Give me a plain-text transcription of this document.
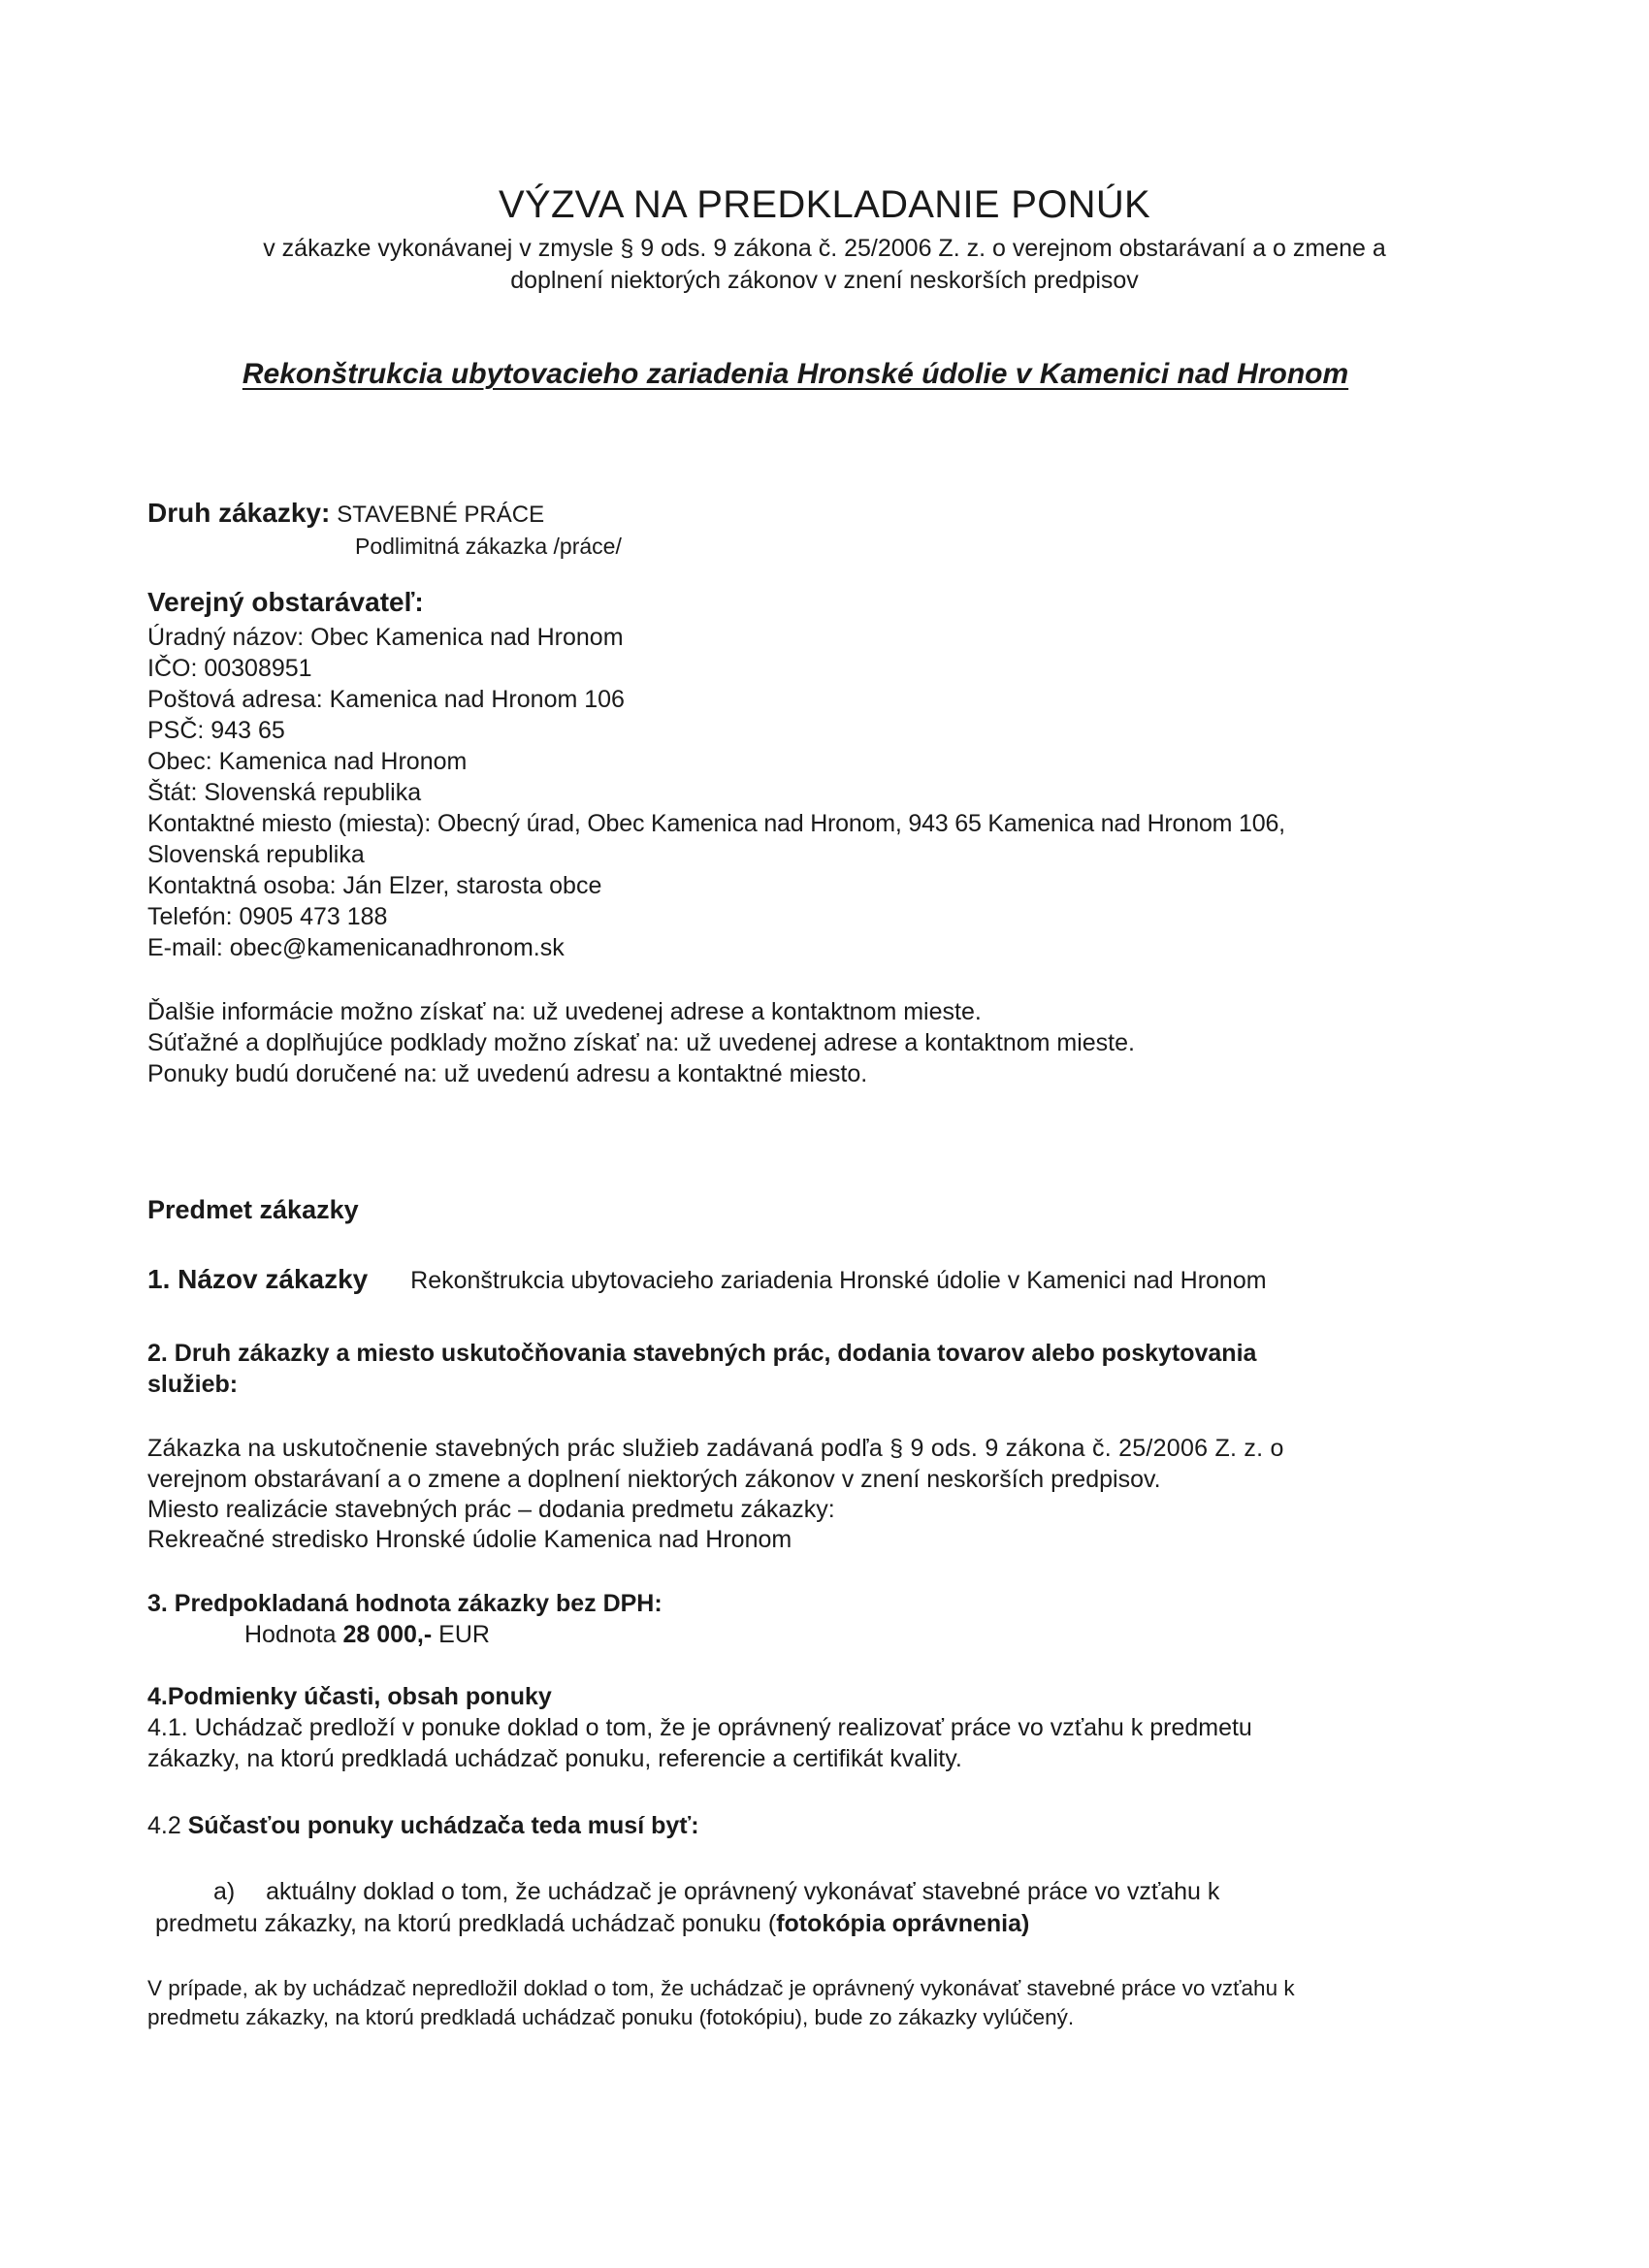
VÝZVA NA PREDKLADANIE PONÚK
v zákazke vykonávanej v zmysle § 9 ods. 9 zákona č. 25/2006 Z. z. o verejnom obstarávaní a o zmene a
doplnení niektorých zákonov v znení neskorších predpisov
Rekonštrukcia ubytovacieho zariadenia Hronské údolie v Kamenici nad Hronom
Druh zákazky: STAVEBNÉ PRÁCE
Podlimitná zákazka /práce/
Verejný obstarávateľ:
Úradný názov: Obec Kamenica nad Hronom
IČO: 00308951
Poštová adresa: Kamenica nad Hronom 106
PSČ: 943 65
Obec: Kamenica nad Hronom
Štát: Slovenská republika
Kontaktné miesto (miesta): Obecný úrad, Obec Kamenica nad Hronom, 943 65 Kamenica nad Hronom 106,
Slovenská republika
Kontaktná osoba: Ján Elzer, starosta obce
Telefón: 0905 473 188
E-mail: obec@kamenicanadhronom.sk
Ďalšie informácie možno získať na: už uvedenej adrese a kontaktnom mieste.
Súťažné a doplňujúce podklady možno získať na: už uvedenej adrese a kontaktnom mieste.
Ponuky budú doručené na: už uvedenú adresu a kontaktné miesto.
Predmet zákazky
1. Názov zákazky Rekonštrukcia ubytovacieho zariadenia Hronské údolie v Kamenici nad Hronom
2. Druh zákazky a miesto uskutočňovania stavebných prác, dodania tovarov alebo poskytovania
služieb:
Zákazka na uskutočnenie stavebných prác služieb zadávaná podľa § 9 ods. 9 zákona č. 25/2006 Z. z. o
verejnom obstarávaní a o zmene a doplnení niektorých zákonov v znení neskorších predpisov.
Miesto realizácie stavebných prác – dodania predmetu zákazky:
Rekreačné stredisko Hronské údolie Kamenica nad Hronom
3. Predpokladaná hodnota zákazky bez DPH:
Hodnota 28 000,- EUR
4.Podmienky účasti, obsah ponuky
4.1. Uchádzač predloží v ponuke doklad o tom, že je oprávnený realizovať práce vo vzťahu k predmetu
zákazky, na ktorú predkladá uchádzač ponuku, referencie a certifikát kvality.
4.2 Súčasťou ponuky uchádzača teda musí byť:
a) aktuálny doklad o tom, že uchádzač je oprávnený vykonávať stavebné práce vo vzťahu k
predmetu zákazky, na ktorú predkladá uchádzač ponuku (fotokópia oprávnenia)
V prípade, ak by uchádzač nepredložil doklad o tom, že uchádzač je oprávnený vykonávať stavebné práce vo vzťahu k
predmetu zákazky, na ktorú predkladá uchádzač ponuku (fotokópiu), bude zo zákazky vylúčený.
